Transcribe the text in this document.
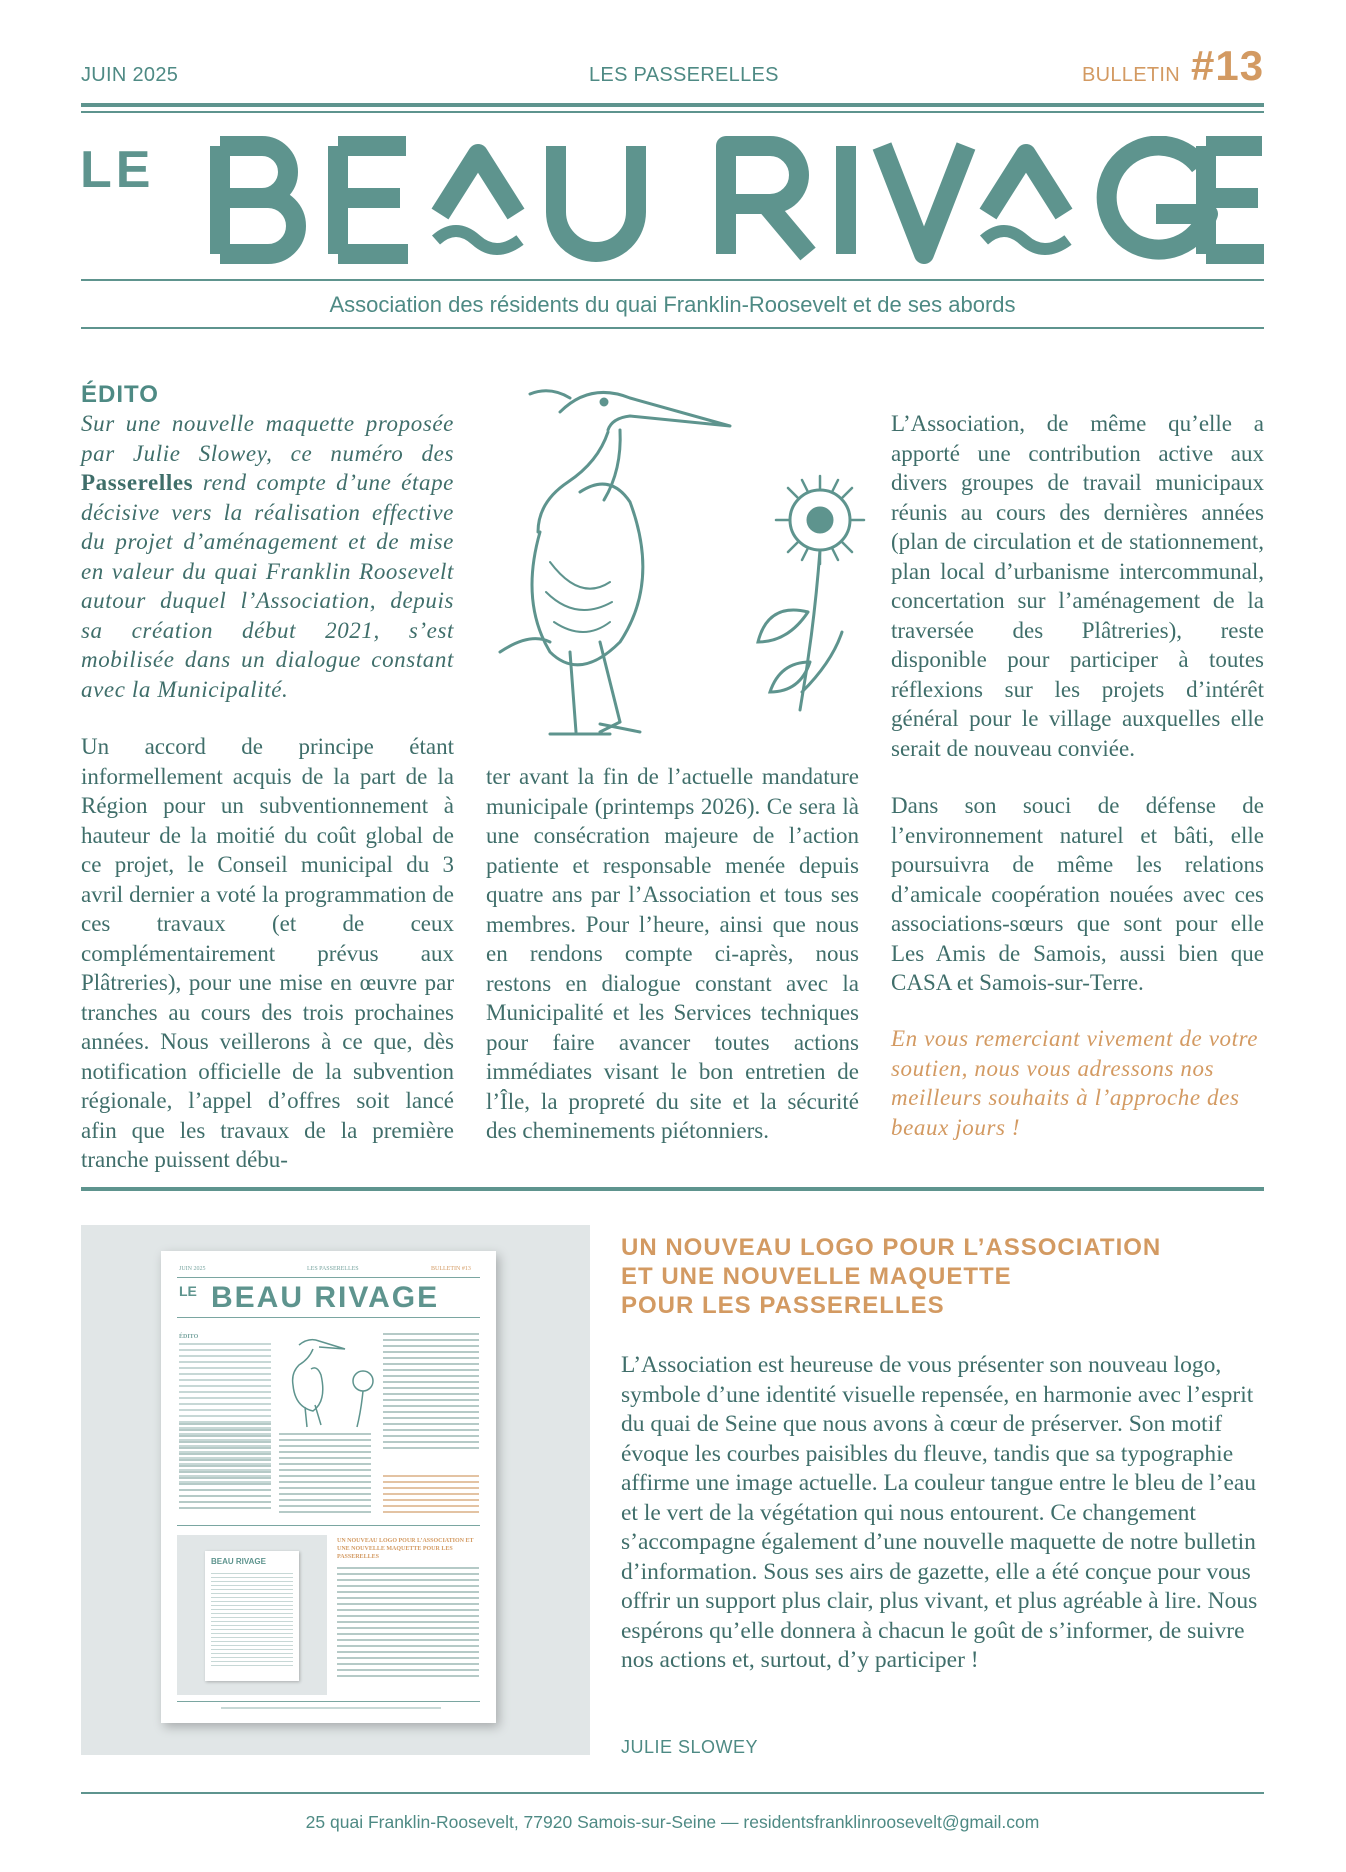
JUIN 2025	LES PASSERELLES	BULLETIN #13
LE
Association des résidents du quai Franklin-Roosevelt et de ses abords
ÉDITO
Sur une nouvelle maquette proposée par Julie Slowey, ce numéro des Passerelles rend compte d’une étape décisive vers la réalisation effective du projet d’aménagement et de mise en valeur du quai Franklin Roosevelt autour duquel l’Association, depuis sa création début 2021, s’est mobilisée dans un dialogue constant avec la Municipalité.
Un accord de principe étant informellement acquis de la part de la Région pour un subventionnement à hauteur de la moitié du coût global de ce projet, le Conseil municipal du 3 avril dernier a voté la programmation de ces travaux (et de ceux complémentairement prévus aux Plâtreries), pour une mise en œuvre par tranches au cours des trois prochaines années. Nous veillerons à ce que, dès notification officielle de la subvention régionale, l’appel d’offres soit lancé afin que les travaux de la première tranche puissent débu-
ter avant la fin de l’actuelle mandature municipale (printemps 2026). Ce sera là une consécration majeure de l’action patiente et responsable menée depuis quatre ans par l’Association et tous ses membres. Pour l’heure, ainsi que nous en rendons compte ci-après, nous restons en dialogue constant avec la Municipalité et les Services techniques pour faire avancer toutes actions immédiates visant le bon entretien de l’Île, la propreté du site et la sécurité des cheminements piétonniers.
L’Association, de même qu’elle a apporté une contribution active aux divers groupes de travail municipaux réunis au cours des dernières années (plan de circulation et de stationnement, plan local d’urbanisme intercommunal, concertation sur l’aménagement de la traversée des Plâtreries), reste disponible pour participer à toutes réflexions sur les projets d’intérêt général pour le village auxquelles elle serait de nouveau conviée.
Dans son souci de défense de l’environnement naturel et bâti, elle poursuivra de même les relations d’amicale coopération nouées avec ces associations-sœurs que sont pour elle Les Amis de Samois, aussi bien que CASA et Samois-sur-Terre.
En vous remerciant vivement de votre soutien, nous vous adressons nos meilleurs souhaits à l’approche des beaux jours !
JUIN 2025	LES PASSERELLES	BULLETIN #13
LE BEAU RIVAGE
ÉDITO
BEAU RIVAGE
UN NOUVEAU LOGO POUR L’ASSOCIATION ET UNE NOUVELLE MAQUETTE POUR LES PASSERELLES
UN NOUVEAU LOGO POUR L’ASSOCIATION
ET UNE NOUVELLE MAQUETTE
POUR LES PASSERELLES
L’Association est heureuse de vous présenter son nouveau logo, symbole d’une identité visuelle repensée, en harmonie avec l’esprit du quai de Seine que nous avons à cœur de préserver. Son motif évoque les courbes paisibles du fleuve, tandis que sa typographie affirme une image actuelle. La couleur tangue entre le bleu de l’eau et le vert de la végétation qui nous entourent. Ce changement s’accompagne également d’une nouvelle maquette de notre bulletin d’information. Sous ses airs de gazette, elle a été conçue pour vous offrir un support plus clair, plus vivant, et plus agréable à lire. Nous espérons qu’elle donnera à chacun le goût de s’informer, de suivre nos actions et, surtout, d’y participer !
JULIE SLOWEY
25 quai Franklin-Roosevelt, 77920 Samois-sur-Seine — residentsfranklinroosevelt@gmail.com
